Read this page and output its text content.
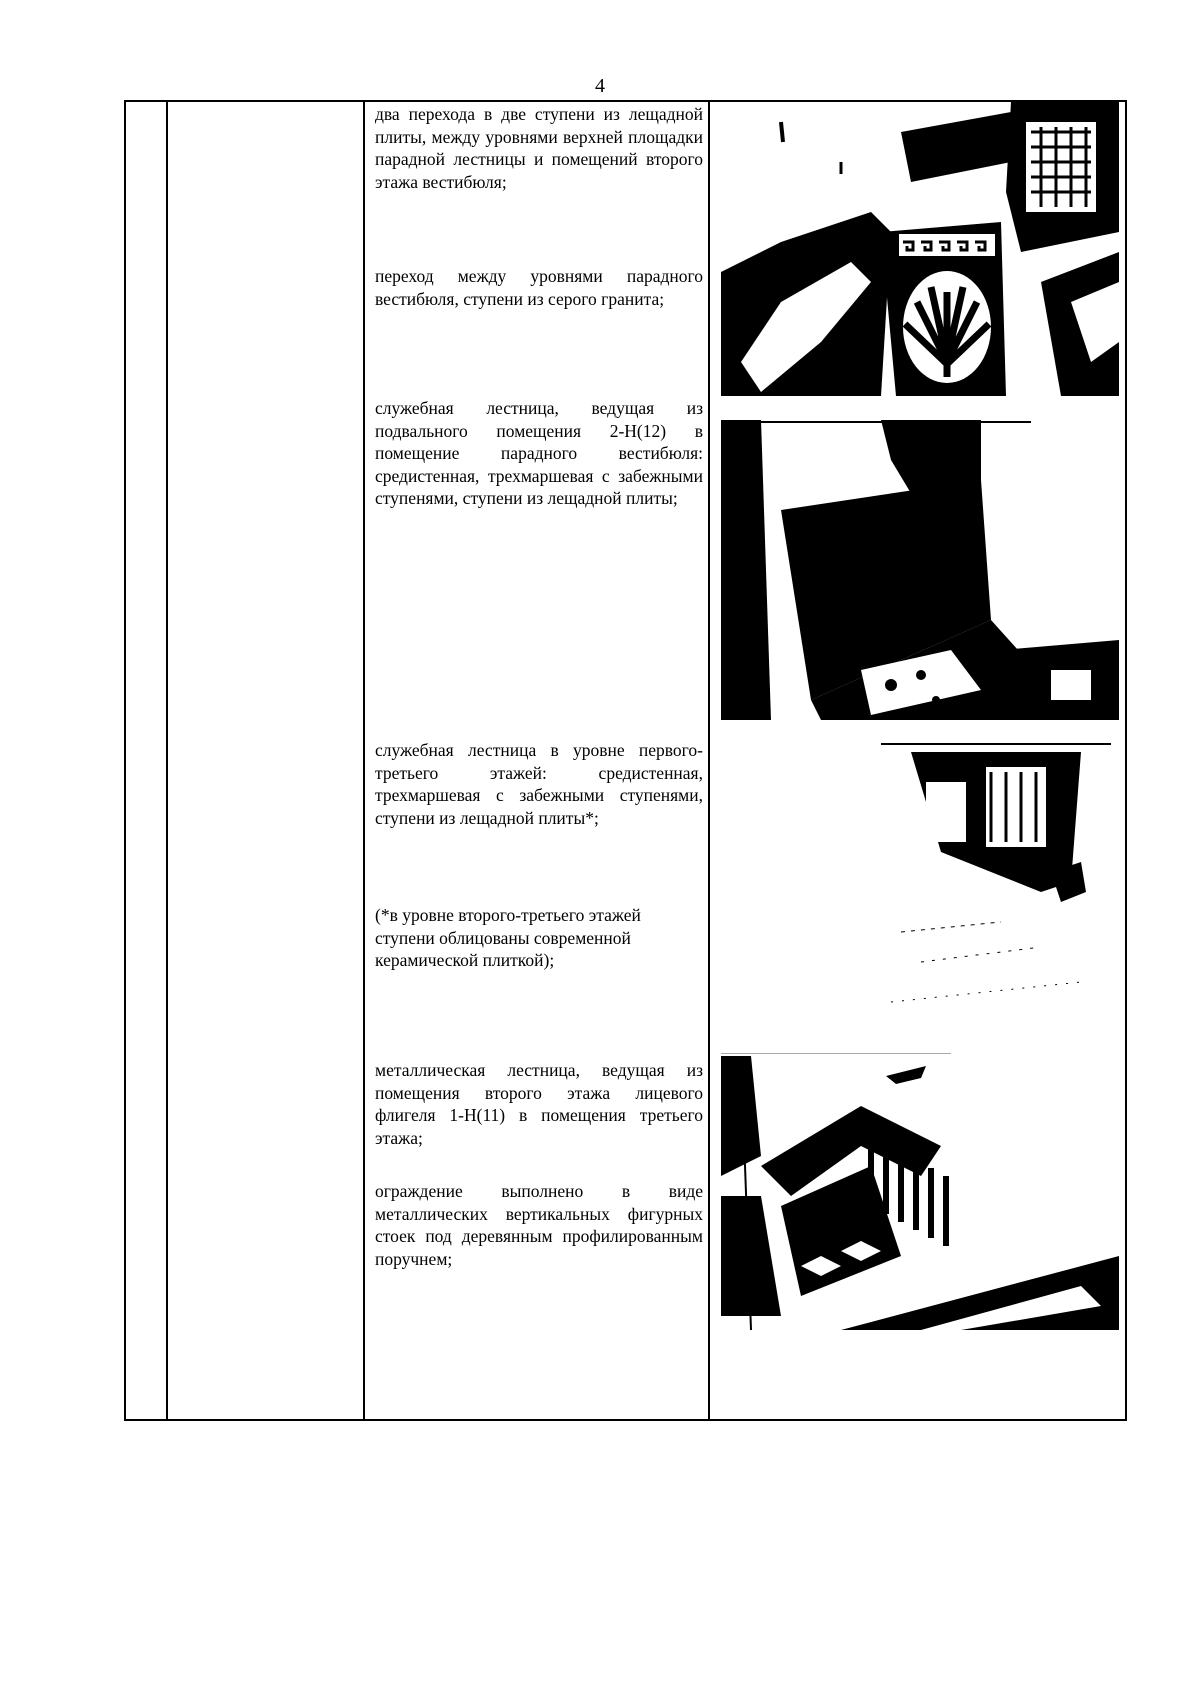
4

два перехода в две ступени из лещадной плиты, между уровнями верхней площадки парадной лестницы и помещений второго этажа вестибюля;

переход между уровнями парадного вестибюля, ступени из серого гранита;

служебная лестница, ведущая из подвального помещения 2-Н(12) в помещение парадного вестибюля: средистенная, трехмаршевая с забежными ступенями, ступени из лещадной плиты;

служебная лестница в уровне первого-третьего этажей: средистенная, трехмаршевая с забежными ступенями, ступени из лещадной плиты*;

(*в уровне второго-третьего этажей ступени облицованы современной керамической плиткой);

металлическая лестница, ведущая из помещения второго этажа лицевого флигеля 1-Н(11) в помещения третьего этажа;

ограждение выполнено в виде металлических вертикальных фигурных стоек под деревянным профилированным поручнем;
